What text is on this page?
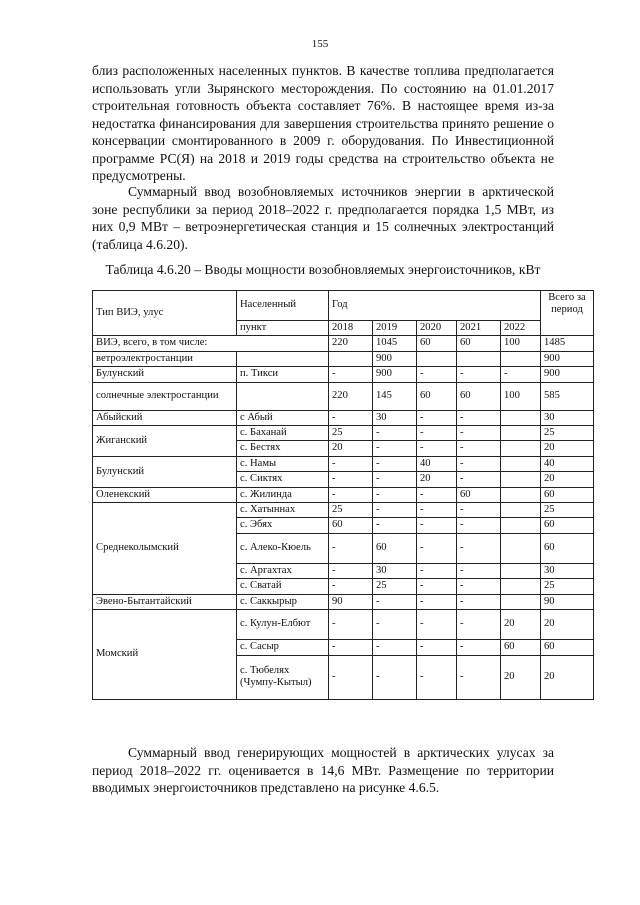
155

близ расположенных населенных пунктов. В качестве топлива предполагается использовать угли Зырянского месторождения. По состоянию на 01.01.2017 строительная готовность объекта составляет 76%. В настоящее время из-за недостатка финансирования для завершения строительства принято решение о консервации смонтированного в 2009 г. оборудования. По Инвестиционной программе РС(Я) на 2018 и 2019 годы средства на строительство объекта не предусмотрены.

Суммарный ввод возобновляемых источников энергии в арктической зоне республики за период 2018–2022 г. предполагается порядка 1,5 МВт, из них 0,9 МВт – ветроэнергетическая станция и 15 солнечных электростанций (таблица 4.6.20).

Таблица 4.6.20 – Вводы мощности возобновляемых энергоисточников, кВт
Тип ВИЭ, улус	Населенный	Год					Всего за период
	пункт	2018	2019	2020	2021	2022	
ВИЭ, всего, в том числе:		220	1045	60	60	100	1485
ветроэлектростанции			900				900
Булунский	п. Тикси	-	900	-	-	-	900
солнечные электростанции		220	145	60	60	100	585
Абыйский	с Абый	-	30	-	-		30
Жиганский	с. Баханай	25	-	-	-		25
	с. Бестях	20	-	-	-		20
Булунский	с. Намы	-	-	40	-		40
	с. Сиктях	-	-	20	-		20
Оленекский	с. Жилинда	-	-	-	60		60
Среднеколымский	с. Хатыннах	25	-	-	-		25
	с. Эбях	60	-	-	-		60
	с. Алеко-Кюель	-	60	-	-		60
	с. Аргахтах	-	30	-	-		30
	с. Сватай	-	25	-	-		25
Эвено-Бытантайский	с. Саккырыр	90	-	-	-		90
Момский	с. Кулун-Елбют	-	-	-	-	20	20
	с. Сасыр	-	-	-	-	60	60
	с. Тюбелях (Чумпу-Кытыл)	-	-	-	-	20	20

Суммарный ввод генерирующих мощностей в арктических улусах за период 2018–2022 гг. оценивается в 14,6 МВт. Размещение по территории вводимых энергоисточников представлено на рисунке 4.6.5.
